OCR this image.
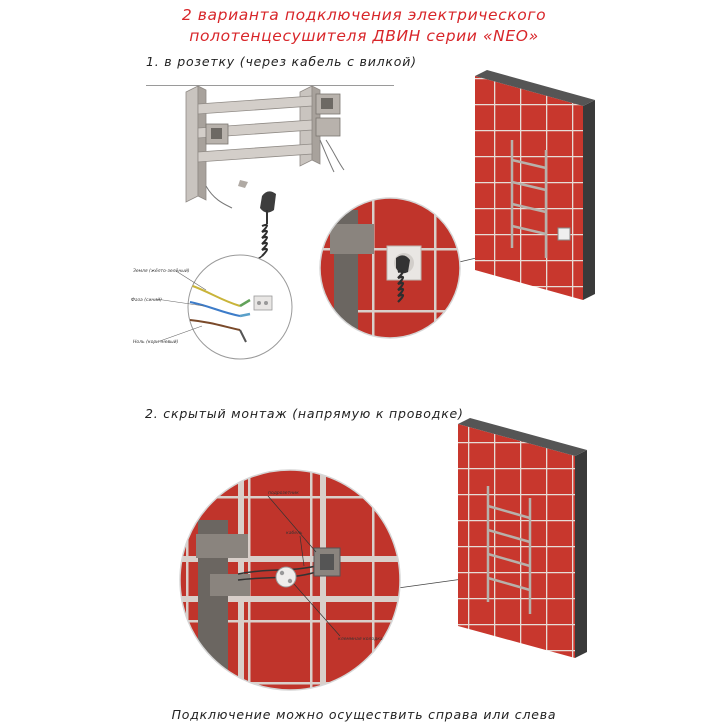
2 варианта подключения электрического
полотенцесушителя ДВИН серии «NEO»
1. в розетку (через кабель с вилкой)
2. скрытый монтаж (напрямую к проводке)
Подключение можно осуществить справа или слева
Земля (жёлто-зелёный)
Фаза (синий)
Ноль (коричневый)
подрозетник
кабель
клеммная колодка
